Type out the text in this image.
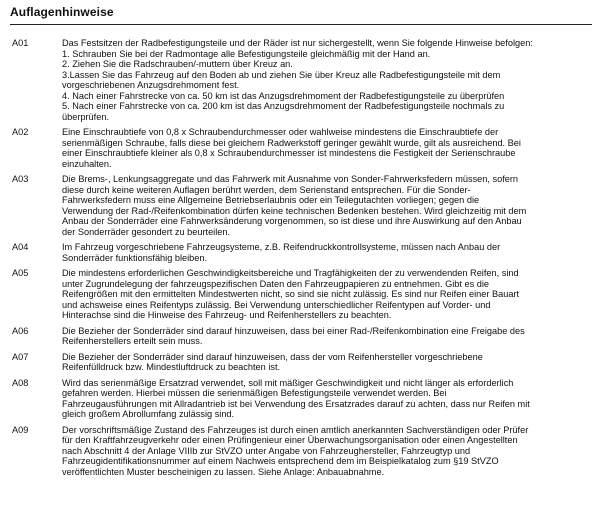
Auflagenhinweise
A01	Das Festsitzen der Radbefestigungsteile und der Räder ist nur sichergestellt, wenn Sie folgende Hinweise befolgen:
1. Schrauben Sie bei der Radmontage alle Befestigungsteile gleichmäßig mit der Hand an.
2. Ziehen Sie die Radschrauben/-muttern über Kreuz an.
3.Lassen Sie das Fahrzeug auf den Boden ab und ziehen Sie über Kreuz alle Radbefestigungsteile mit dem
vorgeschriebenen Anzugsdrehmoment fest.
4. Nach einer Fahrstrecke von ca. 50 km ist das Anzugsdrehmoment der Radbefestigungsteile zu überprüfen
5. Nach einer Fahrstrecke von ca. 200 km ist das Anzugsdrehmoment der Radbefestigungsteile nochmals zu
überprüfen.
A02	Eine Einschraubtiefe von 0,8 x Schraubendurchmesser oder wahlweise mindestens die Einschraubtiefe der
serienmäßigen Schraube, falls diese bei gleichem Radwerkstoff geringer gewählt wurde, gilt als ausreichend. Bei
einer Einschraubtiefe kleiner als 0,8 x Schraubendurchmesser ist mindestens die Festigkeit der Serienschraube
einzuhalten.
A03	Die Brems-, Lenkungsaggregate und das Fahrwerk mit Ausnahme von Sonder-Fahrwerksfedern müssen, sofern
diese durch keine weiteren Auflagen berührt werden, dem Serienstand entsprechen. Für die Sonder-
Fahrwerksfedern muss eine Allgemeine Betriebserlaubnis oder ein Teilegutachten vorliegen; gegen die
Verwendung der Rad-/Reifenkombination dürfen keine technischen Bedenken bestehen. Wird gleichzeitig mit dem
Anbau der Sonderräder eine Fahrwerksänderung vorgenommen, so ist diese und ihre Auswirkung auf den Anbau
der Sonderräder gesondert zu beurteilen.
A04	Im Fahrzeug vorgeschriebene Fahrzeugsysteme, z.B. Reifendruckkontrollsysteme, müssen nach Anbau der
Sonderräder funktionsfähig bleiben.
A05	Die mindestens erforderlichen Geschwindigkeitsbereiche und Tragfähigkeiten der zu verwendenden Reifen, sind
unter Zugrundelegung der fahrzeugspezifischen Daten den Fahrzeugpapieren zu entnehmen. Gibt es die
Reifengrößen mit den ermittelten Mindestwerten nicht, so sind sie nicht zulässig. Es sind nur Reifen einer Bauart
und achsweise eines Reifentyps zulässig. Bei Verwendung unterschiedlicher Reifentypen auf Vorder- und
Hinterachse sind die Hinweise des Fahrzeug- und Reifenherstellers zu beachten.
A06	Die Bezieher der Sonderräder sind darauf hinzuweisen, dass bei einer Rad-/Reifenkombination eine Freigabe des
Reifenherstellers erteilt sein muss.
A07	Die Bezieher der Sonderräder sind darauf hinzuweisen, dass der vom Reifenhersteller vorgeschriebene
Reifenfülldruck bzw. Mindestluftdruck zu beachten ist.
A08	Wird das serienmäßige Ersatzrad verwendet, soll mit mäßiger Geschwindigkeit und nicht länger als erforderlich
gefahren werden. Hierbei müssen die serienmäßigen Befestigungsteile verwendet werden. Bei
Fahrzeugausführungen mit Allradantrieb ist bei Verwendung des Ersatzrades darauf zu achten, dass nur Reifen mit
gleich großem Abrollumfang zulässig sind.
A09	Der vorschriftsmäßige Zustand des Fahrzeuges ist durch einen amtlich anerkannten Sachverständigen oder Prüfer
für den Kraftfahrzeugverkehr oder einen Prüfingenieur einer Überwachungsorganisation oder einen Angestellten
nach Abschnitt 4 der Anlage VIIIb zur StVZO unter Angabe von Fahrzeughersteller, Fahrzeugtyp und
Fahrzeugidentifikationsnummer auf einem Nachweis entsprechend dem im Beispielkatalog zum §19 StVZO
veröffentlichten Muster bescheinigen zu lassen. Siehe Anlage: Anbauabnahme.
